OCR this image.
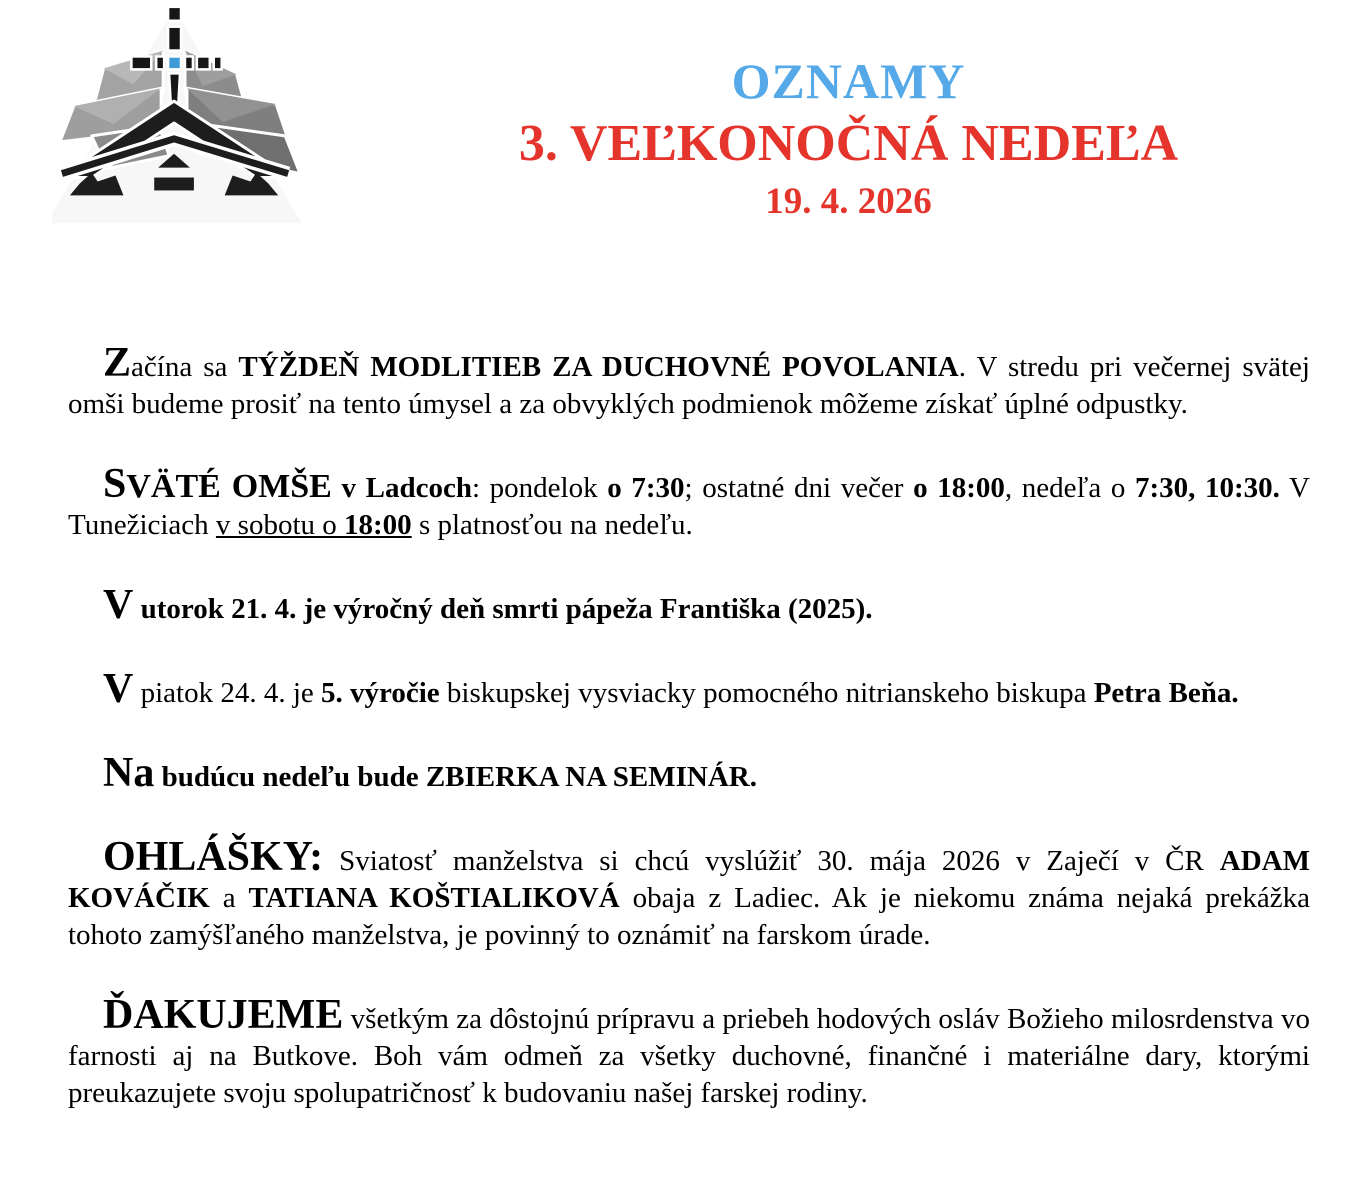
OZNAMY
3. VEĽKONOČNÁ NEDEĽA
19. 4. 2026

Začína sa TÝŽDEŇ MODLITIEB ZA DUCHOVNÉ POVOLANIA. V stredu pri večernej svätej omši budeme prosiť na tento úmysel a za obvyklých podmienok môžeme získať úplné odpustky.

SVÄTÉ OMŠE v Ladcoch: pondelok o 7:30; ostatné dni večer o 18:00, nedeľa o 7:30, 10:30. V Tunežiciach v sobotu o 18:00 s platnosťou na nedeľu.

V utorok 21. 4. je výročný deň smrti pápeža Františka (2025).

V piatok 24. 4. je 5. výročie biskupskej vysviacky pomocného nitrianskeho biskupa Petra Beňa.

Na budúcu nedeľu bude ZBIERKA NA SEMINÁR.

OHLÁŠKY: Sviatosť manželstva si chcú vyslúžiť 30. mája 2026 v Zaječí v ČR ADAM KOVÁČIK a TATIANA KOŠTIALIKOVÁ obaja z Ladiec. Ak je niekomu známa nejaká prekážka tohoto zamýšľaného manželstva, je povinný to oznámiť na farskom úrade.

ĎAKUJEME všetkým za dôstojnú prípravu a priebeh hodových osláv Božieho milosrdenstva vo farnosti aj na Butkove. Boh vám odmeň za všetky duchovné, finančné i materiálne dary, ktorými preukazujete svoju spolupatričnosť k budovaniu našej farskej rodiny.
